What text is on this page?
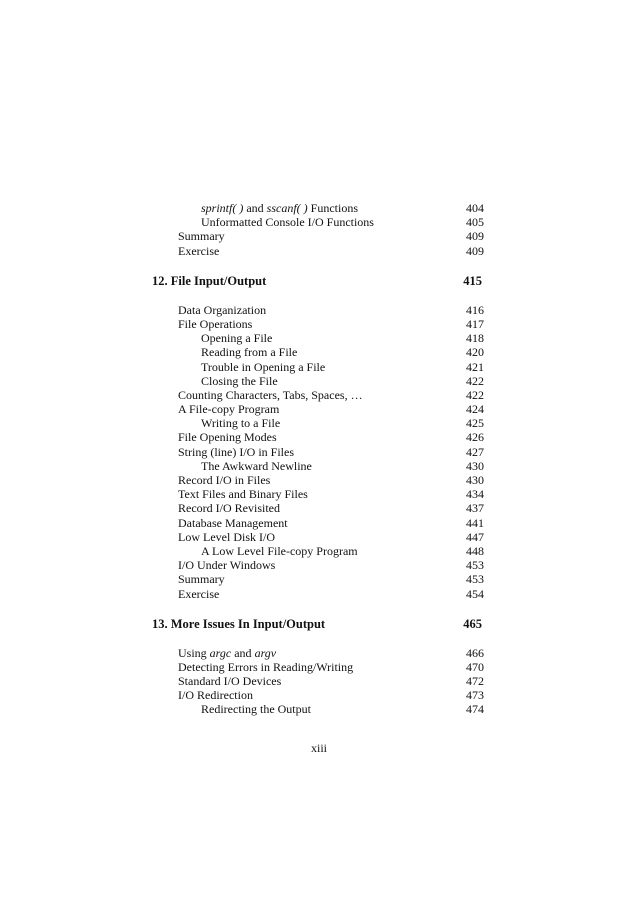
sprintf( ) and sscanf( ) Functions	404
Unformatted Console I/O Functions	405
Summary	409
Exercise	409
12. File Input/Output	415
Data Organization	416
File Operations	417
Opening a File	418
Reading from a File	420
Trouble in Opening a File	421
Closing the File	422
Counting Characters, Tabs, Spaces, …	422
A File-copy Program	424
Writing to a File	425
File Opening Modes	426
String (line) I/O in Files	427
The Awkward Newline	430
Record I/O in Files	430
Text Files and Binary Files	434
Record I/O Revisited	437
Database Management	441
Low Level Disk I/O	447
A Low Level File-copy Program	448
I/O Under Windows	453
Summary	453
Exercise	454
13. More Issues In Input/Output	465
Using argc and argv	466
Detecting Errors in Reading/Writing	470
Standard I/O Devices	472
I/O Redirection	473
Redirecting the Output	474
xiii
